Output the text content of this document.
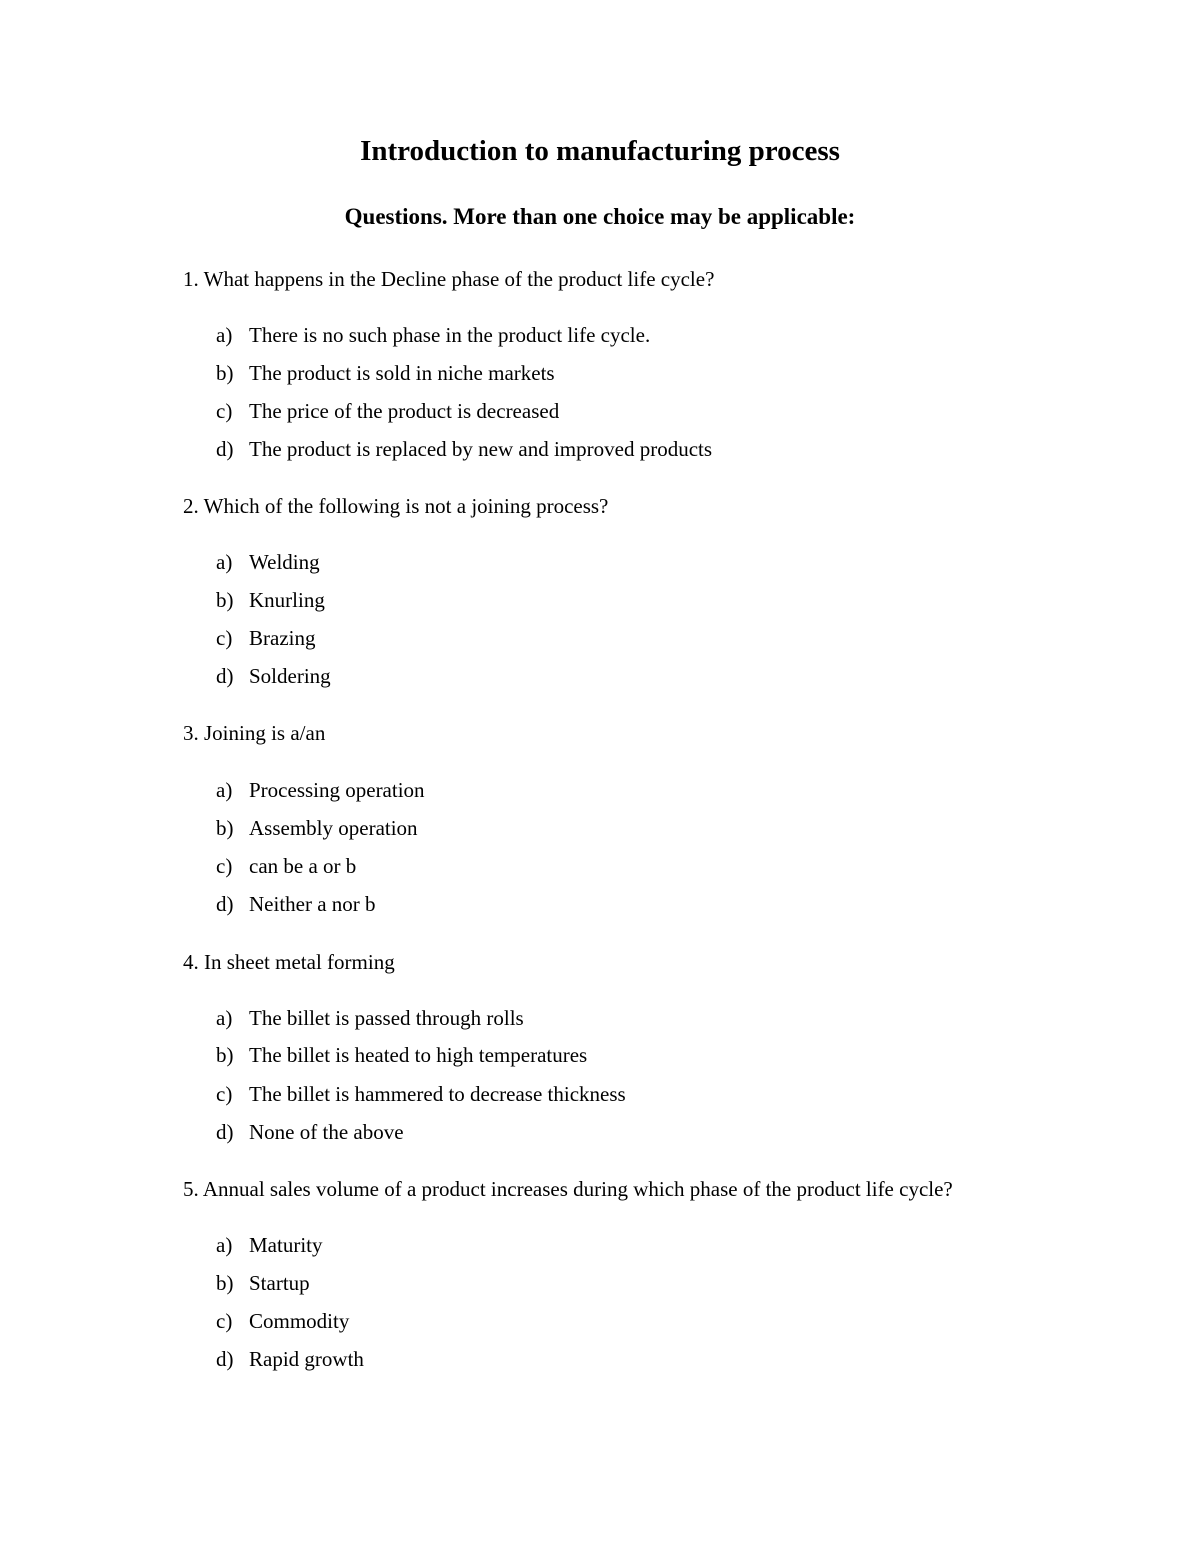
Introduction to manufacturing process
Questions. More than one choice may be applicable:
1. What happens in the Decline phase of the product life cycle?
a) There is no such phase in the product life cycle.
b) The product is sold in niche markets
c) The price of the product is decreased
d) The product is replaced by new and improved products
2. Which of the following is not a joining process?
a) Welding
b) Knurling
c) Brazing
d) Soldering
3. Joining is a/an
a) Processing operation
b) Assembly operation
c) can be a or b
d) Neither a nor b
4. In sheet metal forming
a) The billet is passed through rolls
b) The billet is heated to high temperatures
c) The billet is hammered to decrease thickness
d) None of the above
5. Annual sales volume of a product increases during which phase of the product life cycle?
a) Maturity
b) Startup
c) Commodity
d) Rapid growth
